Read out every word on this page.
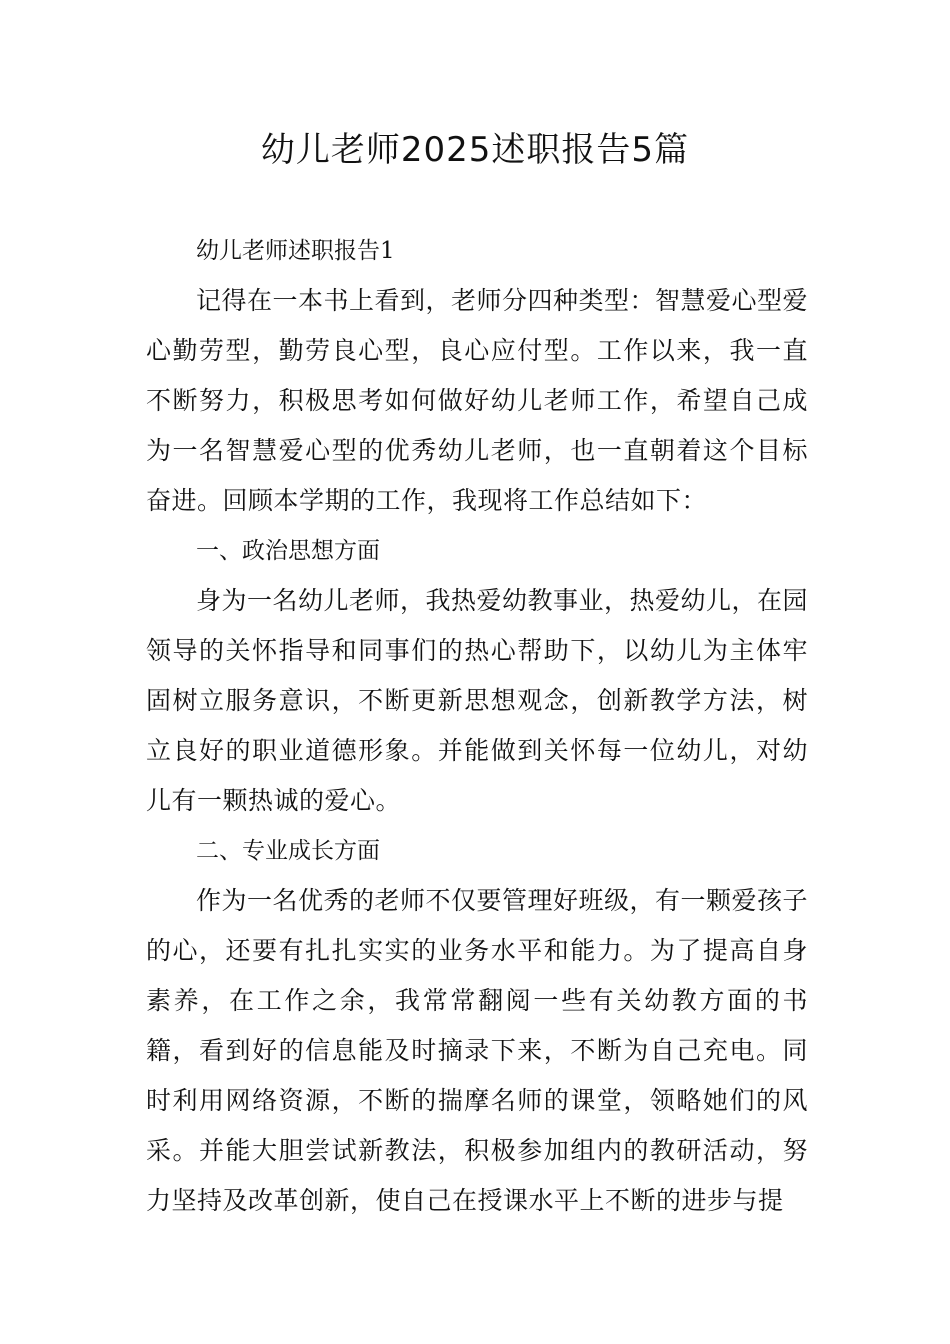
幼儿老师2025述职报告5篇

幼儿老师述职报告1

记得在一本书上看到，老师分四种类型：智慧爱心型爱心勤劳型，勤劳良心型，良心应付型。工作以来，我一直不断努力，积极思考如何做好幼儿老师工作，希望自己成为一名智慧爱心型的优秀幼儿老师，也一直朝着这个目标奋进。回顾本学期的工作，我现将工作总结如下：

一、政治思想方面

身为一名幼儿老师，我热爱幼教事业，热爱幼儿，在园领导的关怀指导和同事们的热心帮助下，以幼儿为主体牢固树立服务意识，不断更新思想观念，创新教学方法，树立良好的职业道德形象。并能做到关怀每一位幼儿，对幼儿有一颗热诚的爱心。

二、专业成长方面

作为一名优秀的老师不仅要管理好班级，有一颗爱孩子的心，还要有扎扎实实的业务水平和能力。为了提高自身素养，在工作之余，我常常翻阅一些有关幼教方面的书籍，看到好的信息能及时摘录下来，不断为自己充电。同时利用网络资源，不断的揣摩名师的课堂，领略她们的风采。并能大胆尝试新教法，积极参加组内的教研活动，努力坚持及改革创新，使自己在授课水平上不断的进步与提
